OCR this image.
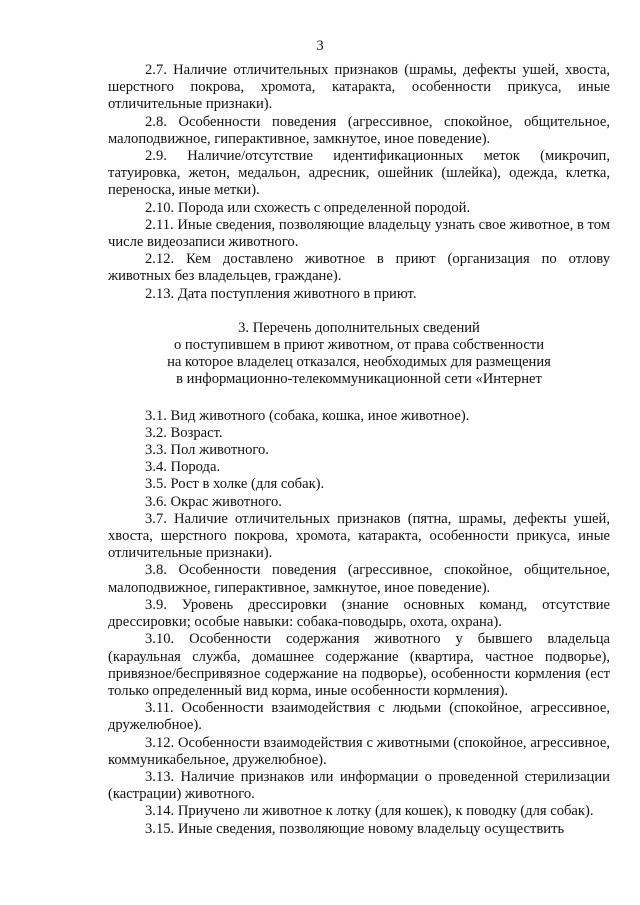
3

2.7. Наличие отличительных признаков (шрамы, дефекты ушей, хвоста, шерстного покрова, хромота, катаракта, особенности прикуса, иные отличительные признаки).

2.8. Особенности поведения (агрессивное, спокойное, общительное, малоподвижное, гиперактивное, замкнутое, иное поведение).

2.9. Наличие/отсутствие идентификационных меток (микрочип, татуировка, жетон, медальон, адресник, ошейник (шлейка), одежда, клетка, переноска, иные метки).

2.10. Порода или схожесть с определенной породой.

2.11. Иные сведения, позволяющие владельцу узнать свое животное, в том числе видеозаписи животного.

2.12. Кем доставлено животное в приют (организация по отлову животных без владельцев, граждане).

2.13. Дата поступления животного в приют.

3. Перечень дополнительных сведений
о поступившем в приют животном, от права собственности
на которое владелец отказался, необходимых для размещения
в информационно-телекоммуникационной сети «Интернет

3.1. Вид животного (собака, кошка, иное животное).

3.2. Возраст.

3.3. Пол животного.

3.4. Порода.

3.5. Рост в холке (для собак).

3.6. Окрас животного.

3.7. Наличие отличительных признаков (пятна, шрамы, дефекты ушей, хвоста, шерстного покрова, хромота, катаракта, особенности прикуса, иные отличительные признаки).

3.8. Особенности поведения (агрессивное, спокойное, общительное, малоподвижное, гиперактивное, замкнутое, иное поведение).

3.9. Уровень дрессировки (знание основных команд, отсутствие дрессировки; особые навыки: собака-поводырь, охота, охрана).

3.10. Особенности содержания животного у бывшего владельца (караульная служба, домашнее содержание (квартира, частное подворье), привязное/беспривязное содержание на подворье), особенности кормления (ест только определенный вид корма, иные особенности кормления).

3.11. Особенности взаимодействия с людьми (спокойное, агрессивное, дружелюбное).

3.12. Особенности взаимодействия с животными (спокойное, агрессивное, коммуникабельное, дружелюбное).

3.13. Наличие признаков или информации о проведенной стерилизации (кастрации) животного.

3.14. Приучено ли животное к лотку (для кошек), к поводку (для собак).

3.15. Иные сведения, позволяющие новому владельцу осуществить
